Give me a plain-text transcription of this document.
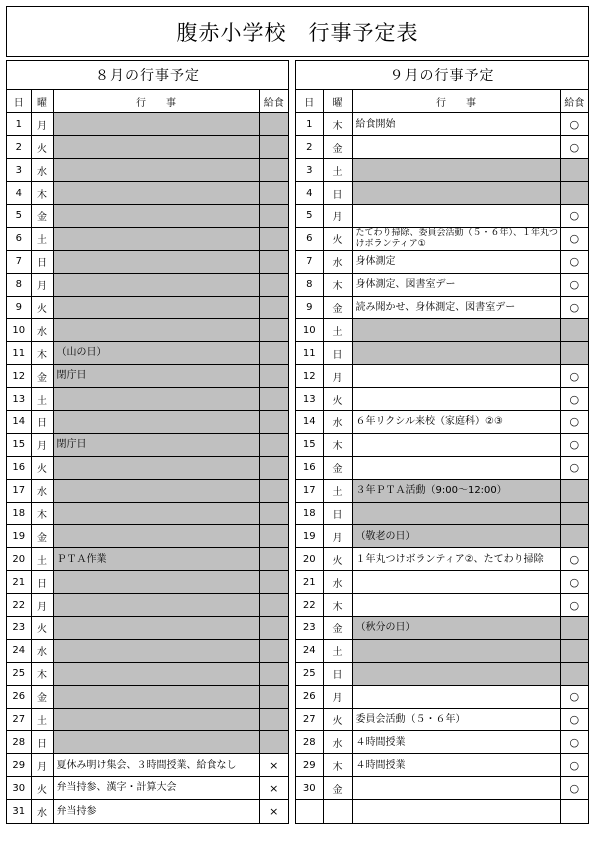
腹赤小学校　行事予定表
８月の行事予定
日	曜	行　　事	給食
1	月		
2	火		
3	水		
4	木		
5	金		
6	土		
7	日		
8	月		
9	火		
10	水		
11	木	（山の日）	
12	金	閉庁日	
13	土		
14	日		
15	月	閉庁日	
16	火		
17	水		
18	木		
19	金		
20	土	ＰＴＡ作業	
21	日		
22	月		
23	火		
24	水		
25	木		
26	金		
27	土		
28	日		
29	月	夏休み明け集会、３時間授業、給食なし	×
30	火	弁当持参、漢字・計算大会	×
31	水	弁当持参	×
９月の行事予定
日	曜	行　　事	給食
1	木	給食開始	○
2	金		○
3	土		
4	日		
5	月		○
6	火	たてわり掃除、委員会活動（５・６年）、１年丸つけボランティア①	○
7	水	身体測定	○
8	木	身体測定、図書室デー	○
9	金	読み聞かせ、身体測定、図書室デー	○
10	土		
11	日		
12	月		○
13	火		○
14	水	６年リクシル来校（家庭科）②③	○
15	木		○
16	金		○
17	土	３年ＰＴＡ活動（9:00～12:00）	
18	日		
19	月	（敬老の日）	
20	火	１年丸つけボランティア②、たてわり掃除	○
21	水		○
22	木		○
23	金	（秋分の日）	
24	土		
25	日		
26	月		○
27	火	委員会活動（５・６年）	○
28	水	４時間授業	○
29	木	４時間授業	○
30	金		○
